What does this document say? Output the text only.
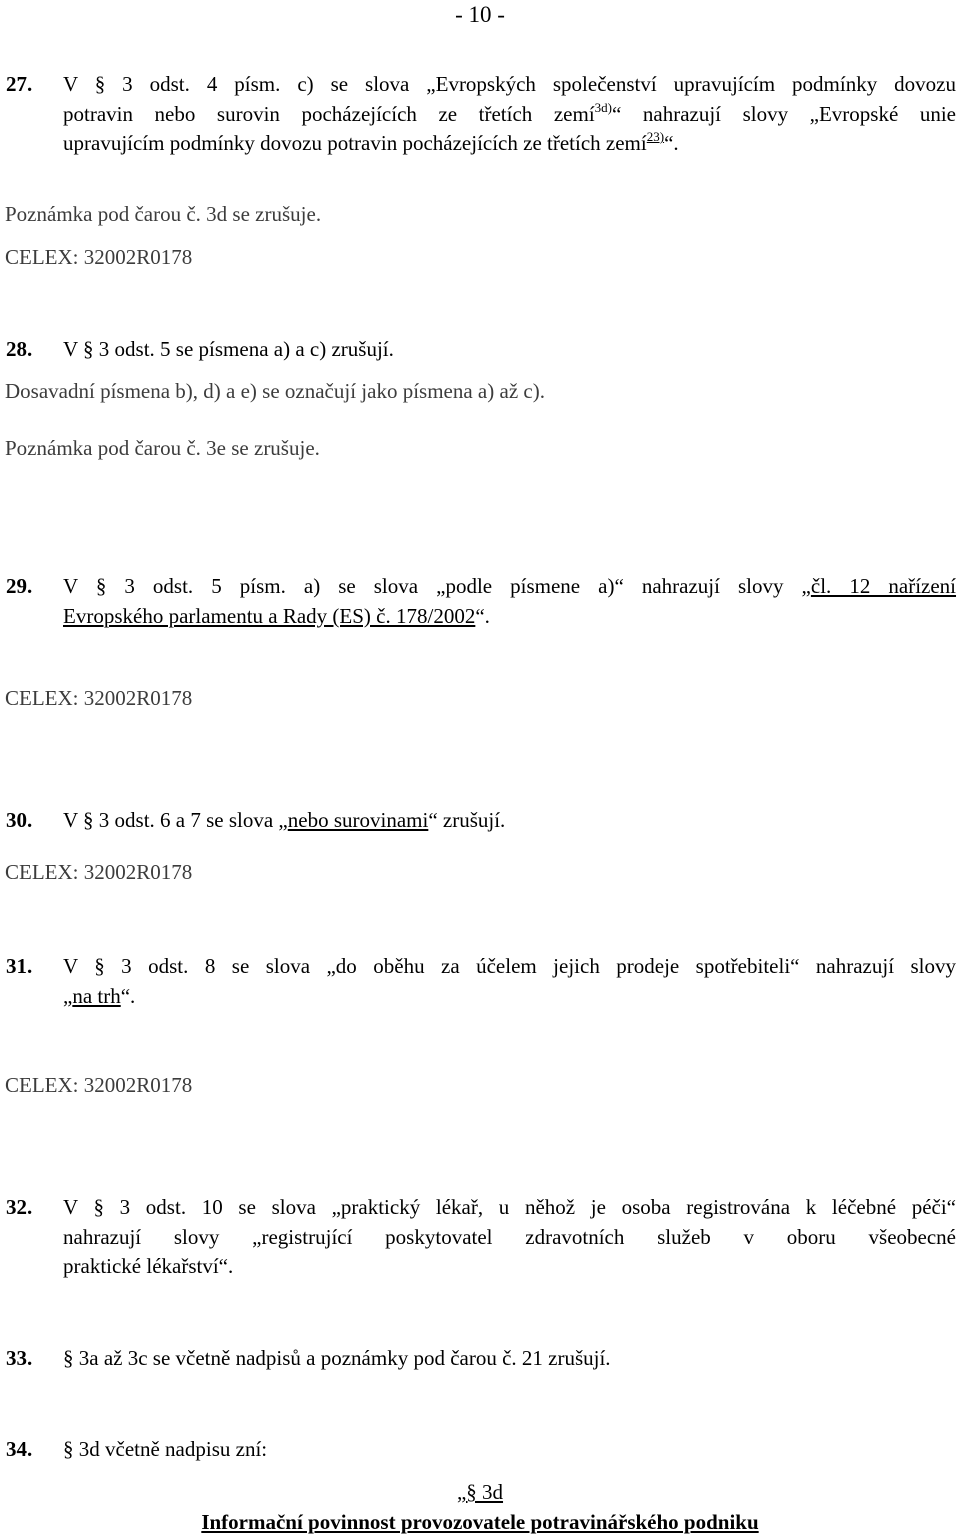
- 10 -
27. V § 3 odst. 4 písm. c) se slova „Evropských společenství upravujícím podmínky dovozu
potravin nebo surovin pocházejících ze třetích zemí$^{3d)}$“ nahrazují slovy „Evropské unie
upravujícím podmínky dovozu potravin pocházejících ze třetích zemí$^{23)}$“.
Poznámka pod čarou č. 3d se zrušuje.
CELEX: 32002R0178
28. V § 3 odst. 5 se písmena a) a c) zrušují.
Dosavadní písmena b), d) a e) se označují jako písmena a) až c).
Poznámka pod čarou č. 3e se zrušuje.
29. V § 3 odst. 5 písm. a) se slova „podle písmene a)“ nahrazují slovy „čl. 12 nařízení
Evropského parlamentu a Rady (ES) č. 178/2002“.
CELEX: 32002R0178
30. V § 3 odst. 6 a 7 se slova „nebo surovinami“ zrušují.
CELEX: 32002R0178
31. V § 3 odst. 8 se slova „do oběhu za účelem jejich prodeje spotřebiteli“ nahrazují slovy
„na trh“.
CELEX: 32002R0178
32. V § 3 odst. 10 se slova „praktický lékař, u něhož je osoba registrována k léčebné péči“
nahrazují slovy „registrující poskytovatel zdravotních služeb v oboru všeobecné
praktické lékařství“.
33. § 3a až 3c se včetně nadpisů a poznámky pod čarou č. 21 zrušují.
34. § 3d včetně nadpisu zní:
„§ 3d
Informační povinnost provozovatele potravinářského podniku
